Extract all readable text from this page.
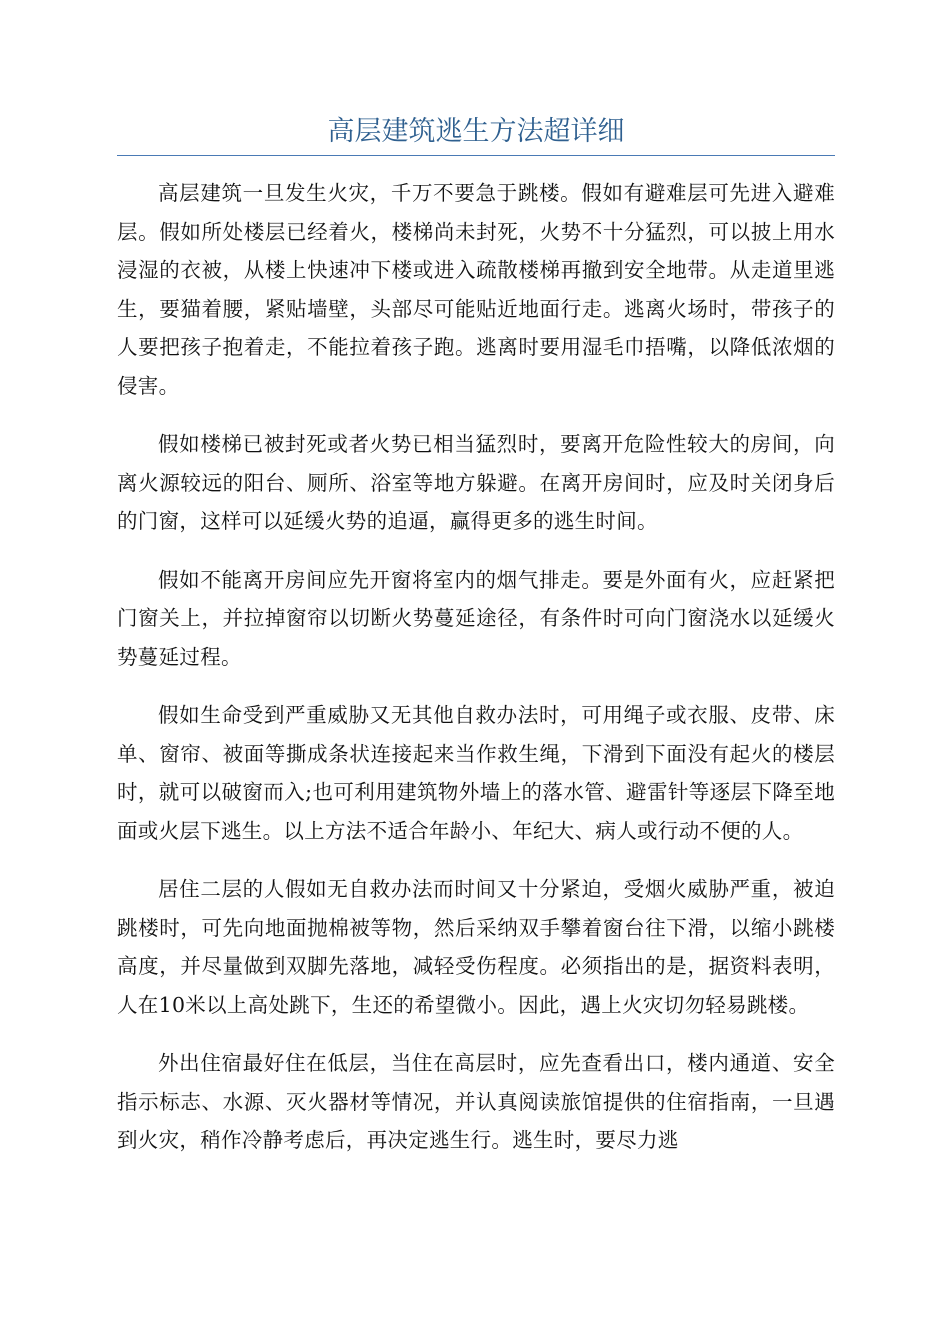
高层建筑逃生方法超详细

高层建筑一旦发生火灾，千万不要急于跳楼。假如有避难层可先进入避难层。假如所处楼层已经着火，楼梯尚未封死，火势不十分猛烈，可以披上用水浸湿的衣被，从楼上快速冲下楼或进入疏散楼梯再撤到安全地带。从走道里逃生，要猫着腰，紧贴墙壁，头部尽可能贴近地面行走。逃离火场时，带孩子的人要把孩子抱着走，不能拉着孩子跑。逃离时要用湿毛巾捂嘴，以降低浓烟的侵害。

假如楼梯已被封死或者火势已相当猛烈时，要离开危险性较大的房间，向离火源较远的阳台、厕所、浴室等地方躲避。在离开房间时，应及时关闭身后的门窗，这样可以延缓火势的追逼，赢得更多的逃生时间。

假如不能离开房间应先开窗将室内的烟气排走。要是外面有火，应赶紧把门窗关上，并拉掉窗帘以切断火势蔓延途径，有条件时可向门窗浇水以延缓火势蔓延过程。

假如生命受到严重威胁又无其他自救办法时，可用绳子或衣服、皮带、床单、窗帘、被面等撕成条状连接起来当作救生绳，下滑到下面没有起火的楼层时，就可以破窗而入;也可利用建筑物外墙上的落水管、避雷针等逐层下降至地面或火层下逃生。以上方法不适合年龄小、年纪大、病人或行动不便的人。

居住二层的人假如无自救办法而时间又十分紧迫，受烟火威胁严重，被迫跳楼时，可先向地面抛棉被等物，然后采纳双手攀着窗台往下滑，以缩小跳楼高度，并尽量做到双脚先落地，减轻受伤程度。必须指出的是，据资料表明，人在10米以上高处跳下，生还的希望微小。因此，遇上火灾切勿轻易跳楼。

外出住宿最好住在低层，当住在高层时，应先查看出口，楼内通道、安全指示标志、水源、灭火器材等情况，并认真阅读旅馆提供的住宿指南，一旦遇到火灾，稍作冷静考虑后，再决定逃生行。逃生时，要尽力逃
